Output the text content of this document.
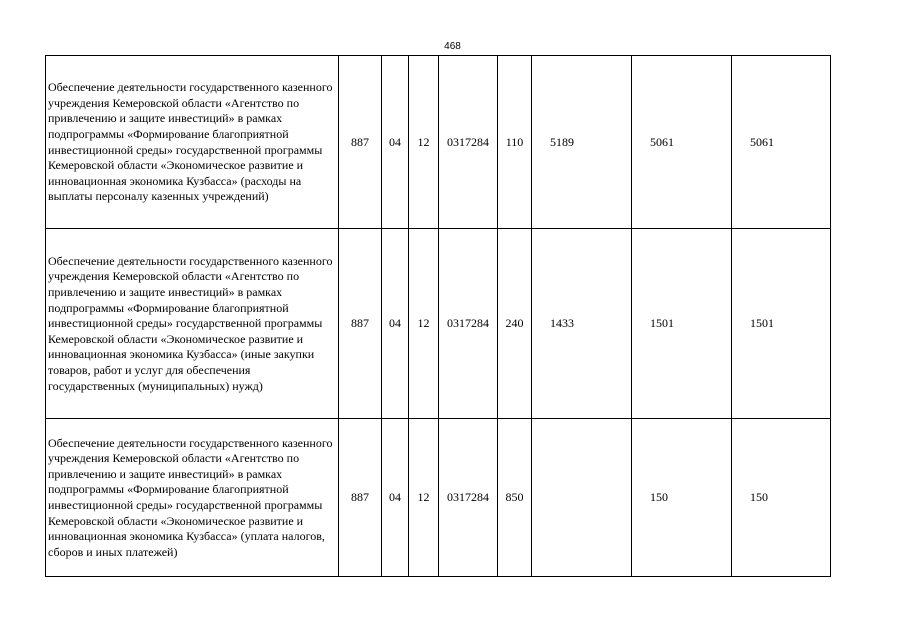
468
Обеспечение деятельности государственного казенного учреждения Кемеровской области «Агентство по привлечению и защите инвестиций» в рамках подпрограммы «Формирование благоприятной инвестиционной среды» государственной программы Кемеровской области «Экономическое развитие и инновационная экономика Кузбасса» (расходы на выплаты персоналу казенных учреждений)	887	04	12	0317284	110	5189	5061	5061
Обеспечение деятельности государственного казенного учреждения Кемеровской области «Агентство по привлечению и защите инвестиций» в рамках подпрограммы «Формирование благоприятной инвестиционной среды» государственной программы Кемеровской области «Экономическое развитие и инновационная экономика Кузбасса» (иные закупки товаров, работ и услуг для обеспечения государственных (муниципальных) нужд)	887	04	12	0317284	240	1433	1501	1501
Обеспечение деятельности государственного казенного учреждения Кемеровской области «Агентство по привлечению и защите инвестиций» в рамках подпрограммы «Формирование благоприятной инвестиционной среды» государственной программы Кемеровской области «Экономическое развитие и инновационная экономика Кузбасса» (уплата налогов, сборов и иных платежей)	887	04	12	0317284	850		150	150
